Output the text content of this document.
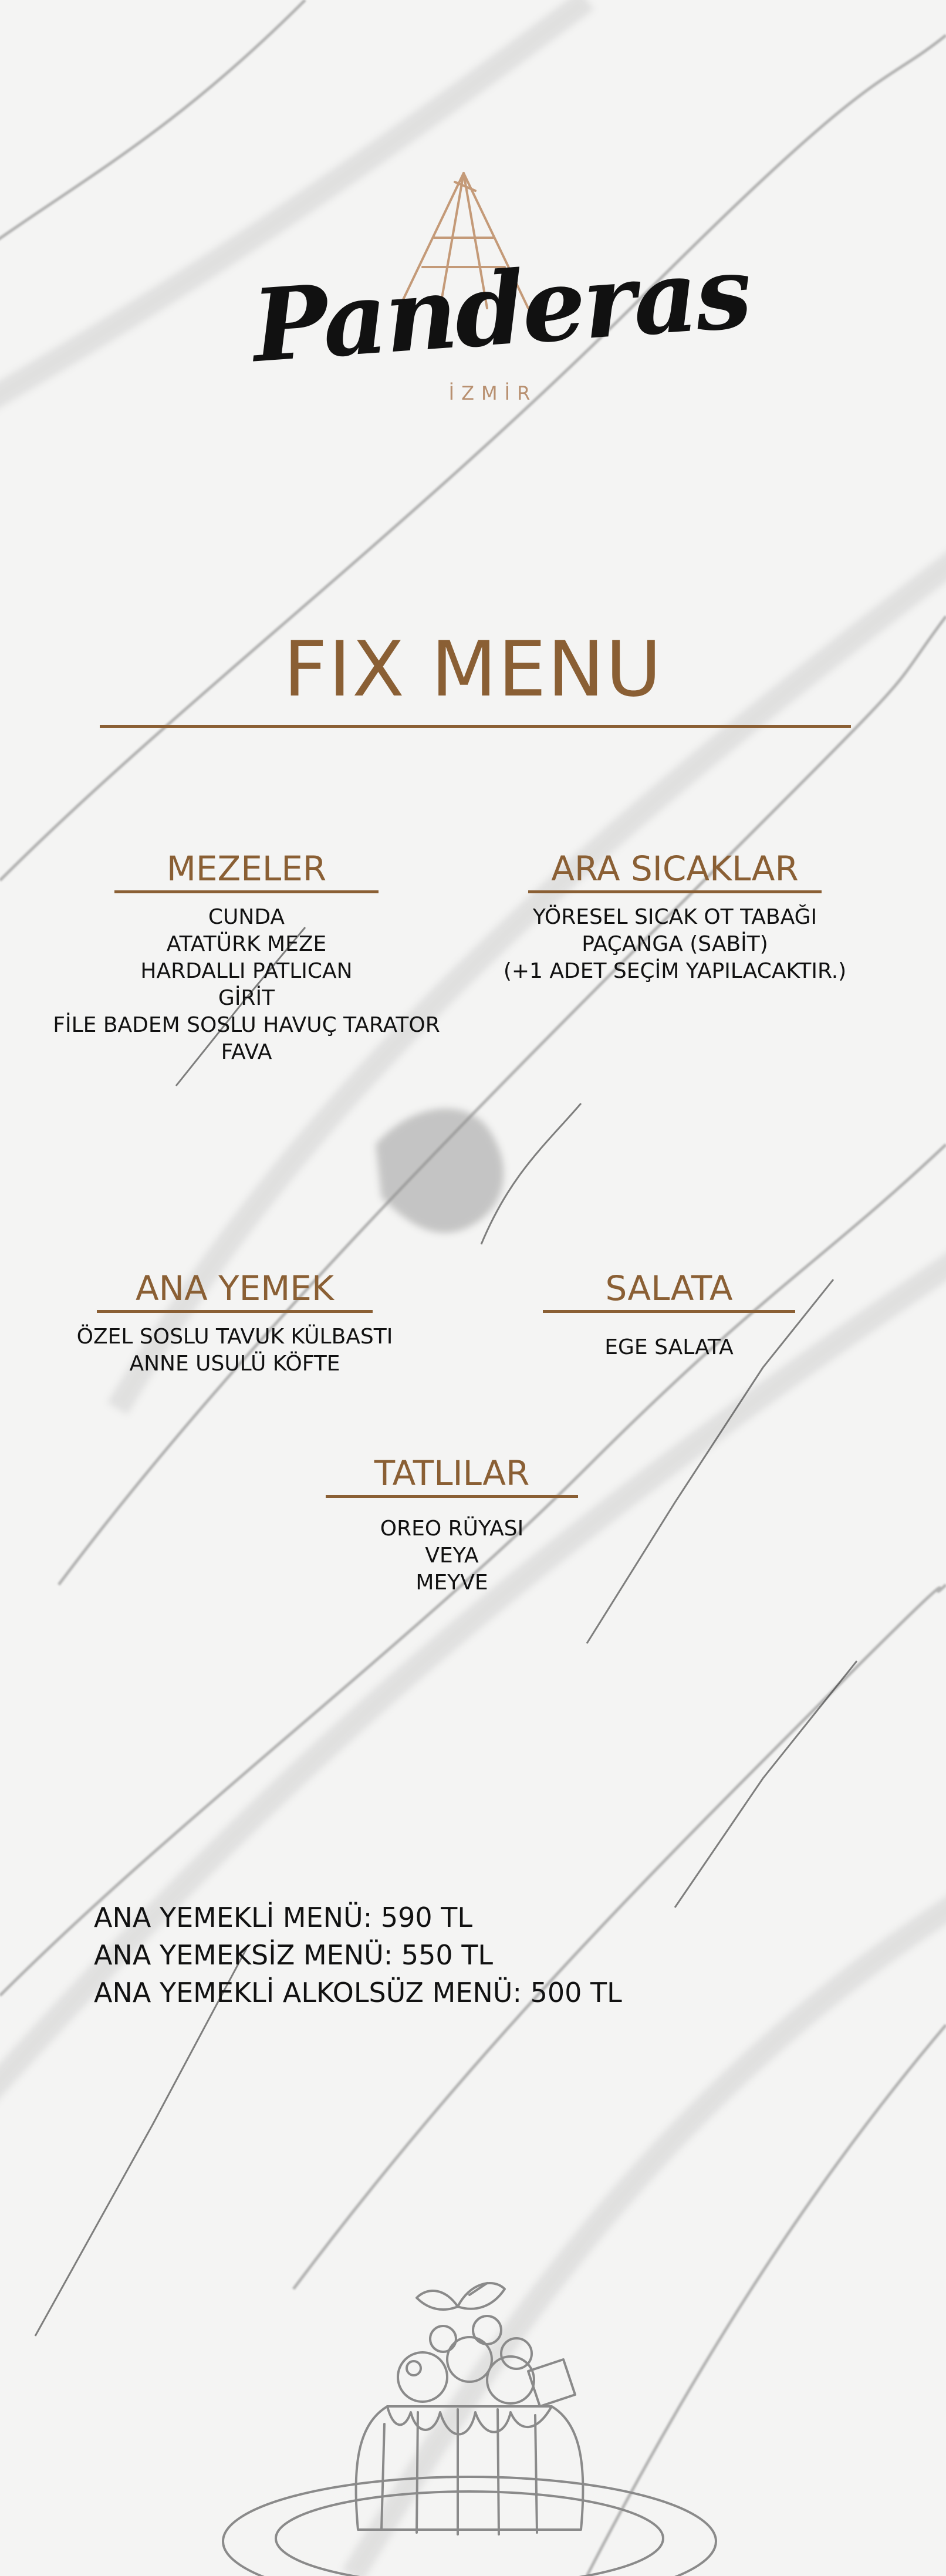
Panderas
İZMİR
FIX MENU
MEZELER
CUNDA
ATATÜRK MEZE
HARDALLI PATLICAN
GİRİT
FİLE BADEM SOSLU HAVUÇ TARATOR
FAVA
ARA SICAKLAR
YÖRESEL SICAK OT TABAĞI
PAÇANGA (SABİT)
(+1 ADET SEÇİM YAPILACAKTIR.)
ANA YEMEK
ÖZEL SOSLU TAVUK KÜLBASTI
ANNE USULÜ KÖFTE
SALATA
EGE SALATA
TATLILAR
OREO RÜYASI
VEYA
MEYVE
ANA YEMEKLİ MENÜ: 590 TL
ANA YEMEKSİZ MENÜ: 550 TL
ANA YEMEKLİ ALKOLSÜZ MENÜ: 500 TL
